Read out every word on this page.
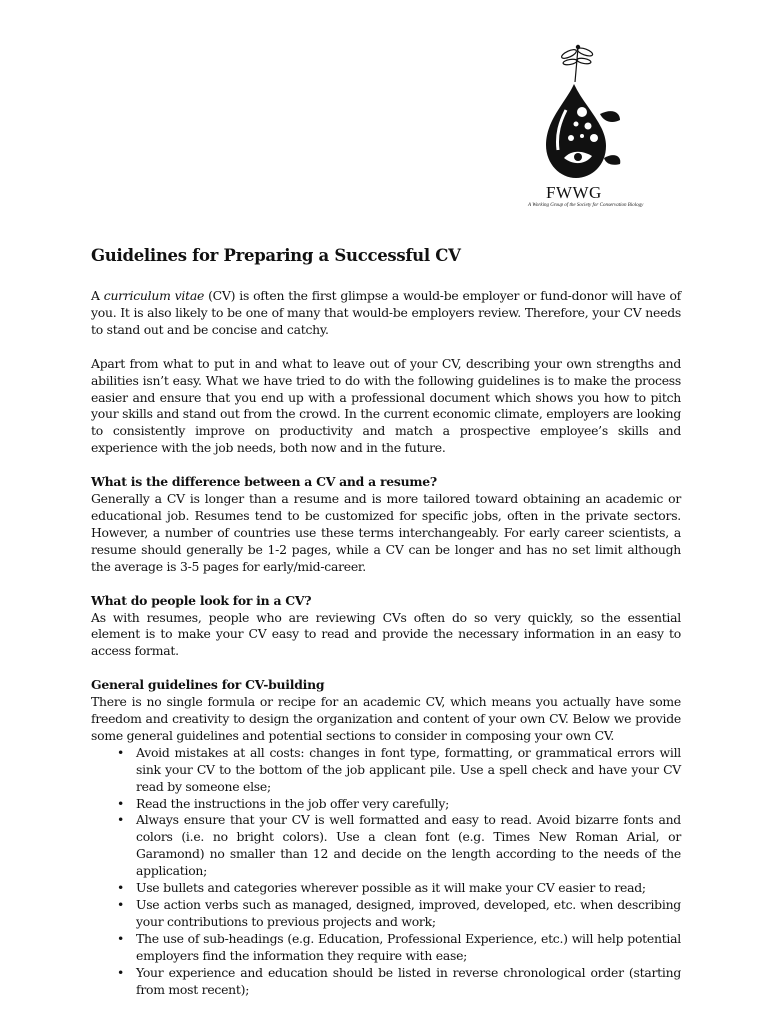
FWWG
A Working Group of the Society for Conservation Biology
Guidelines for Preparing a Successful CV

A curriculum vitae (CV) is often the first glimpse a would-be employer or fund-donor will have of you. It is also likely to be one of many that would-be employers review. Therefore, your CV needs to stand out and be concise and catchy.

Apart from what to put in and what to leave out of your CV, describing your own strengths and abilities isn’t easy. What we have tried to do with the following guidelines is to make the process easier and ensure that you end up with a professional document which shows you how to pitch your skills and stand out from the crowd. In the current economic climate, employers are looking to consistently improve on productivity and match a prospective employee’s skills and experience with the job needs, both now and in the future.

What is the difference between a CV and a resume?
Generally a CV is longer than a resume and is more tailored toward obtaining an academic or educational job. Resumes tend to be customized for specific jobs, often in the private sectors. However, a number of countries use these terms interchangeably. For early career scientists, a resume should generally be 1-2 pages, while a CV can be longer and has no set limit although the average is 3-5 pages for early/mid-career.

What do people look for in a CV?
As with resumes, people who are reviewing CVs often do so very quickly, so the essential element is to make your CV easy to read and provide the necessary information in an easy to access format.

General guidelines for CV-building
There is no single formula or recipe for an academic CV, which means you actually have some freedom and creativity to design the organization and content of your own CV. Below we provide some general guidelines and potential sections to consider in composing your own CV.

• Avoid mistakes at all costs: changes in font type, formatting, or grammatical errors will sink your CV to the bottom of the job applicant pile. Use a spell check and have your CV read by someone else;
• Read the instructions in the job offer very carefully;
• Always ensure that your CV is well formatted and easy to read. Avoid bizarre fonts and colors (i.e. no bright colors). Use a clean font (e.g. Times New Roman Arial, or Garamond) no smaller than 12 and decide on the length according to the needs of the application;
• Use bullets and categories wherever possible as it will make your CV easier to read;
• Use action verbs such as managed, designed, improved, developed, etc. when describing your contributions to previous projects and work;
• The use of sub-headings (e.g. Education, Professional Experience, etc.) will help potential employers find the information they require with ease;
• Your experience and education should be listed in reverse chronological order (starting from most recent);
